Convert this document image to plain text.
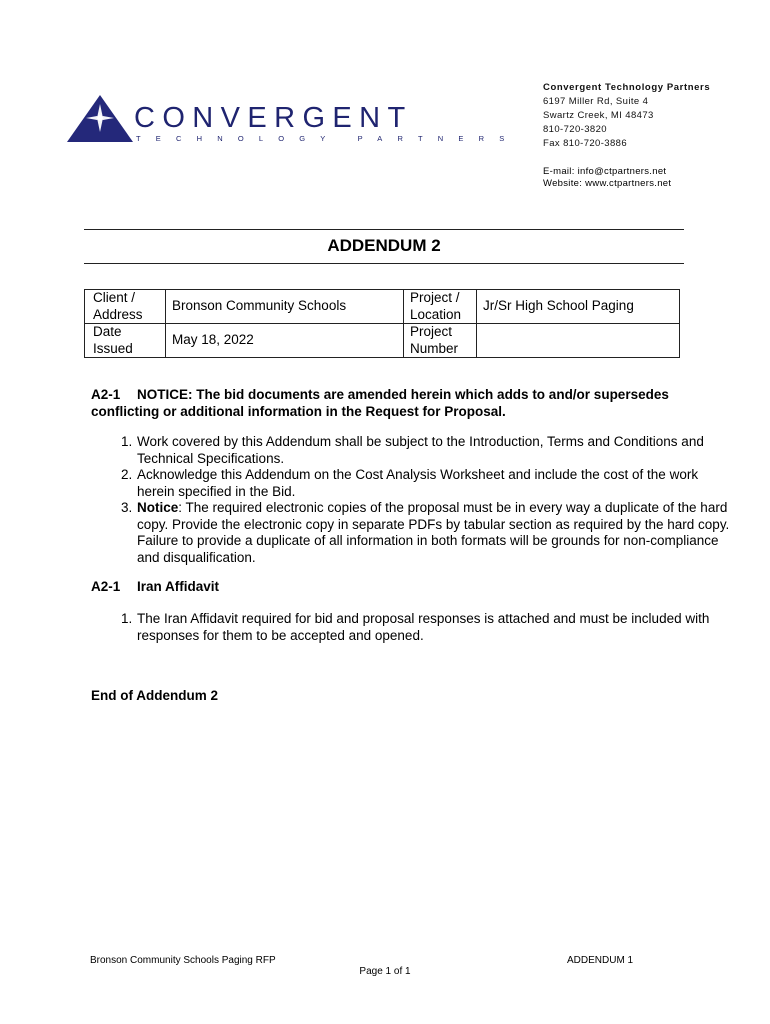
CONVERGENT
TECHNOLOGY PARTNERS
Convergent Technology Partners
6197 Miller Rd, Suite 4
Swartz Creek, MI 48473
810-720-3820
Fax 810-720-3886
E-mail: info@ctpartners.net
Website: www.ctpartners.net
ADDENDUM 2
Client / Address	Bronson Community Schools	Project / Location	Jr/Sr High School Paging
Date Issued	May 18, 2022	Project Number	
A2-1 NOTICE: The bid documents are amended herein which adds to and/or supersedes conflicting or additional information in the Request for Proposal.
1. Work covered by this Addendum shall be subject to the Introduction, Terms and Conditions and Technical Specifications.
2. Acknowledge this Addendum on the Cost Analysis Worksheet and include the cost of the work herein specified in the Bid.
3. Notice: The required electronic copies of the proposal must be in every way a duplicate of the hard copy. Provide the electronic copy in separate PDFs by tabular section as required by the hard copy. Failure to provide a duplicate of all information in both formats will be grounds for non-compliance and disqualification.
A2-1 Iran Affidavit
1. The Iran Affidavit required for bid and proposal responses is attached and must be included with responses for them to be accepted and opened.
End of Addendum 2
Bronson Community Schools Paging RFP	ADDENDUM 1
Page 1 of 1
